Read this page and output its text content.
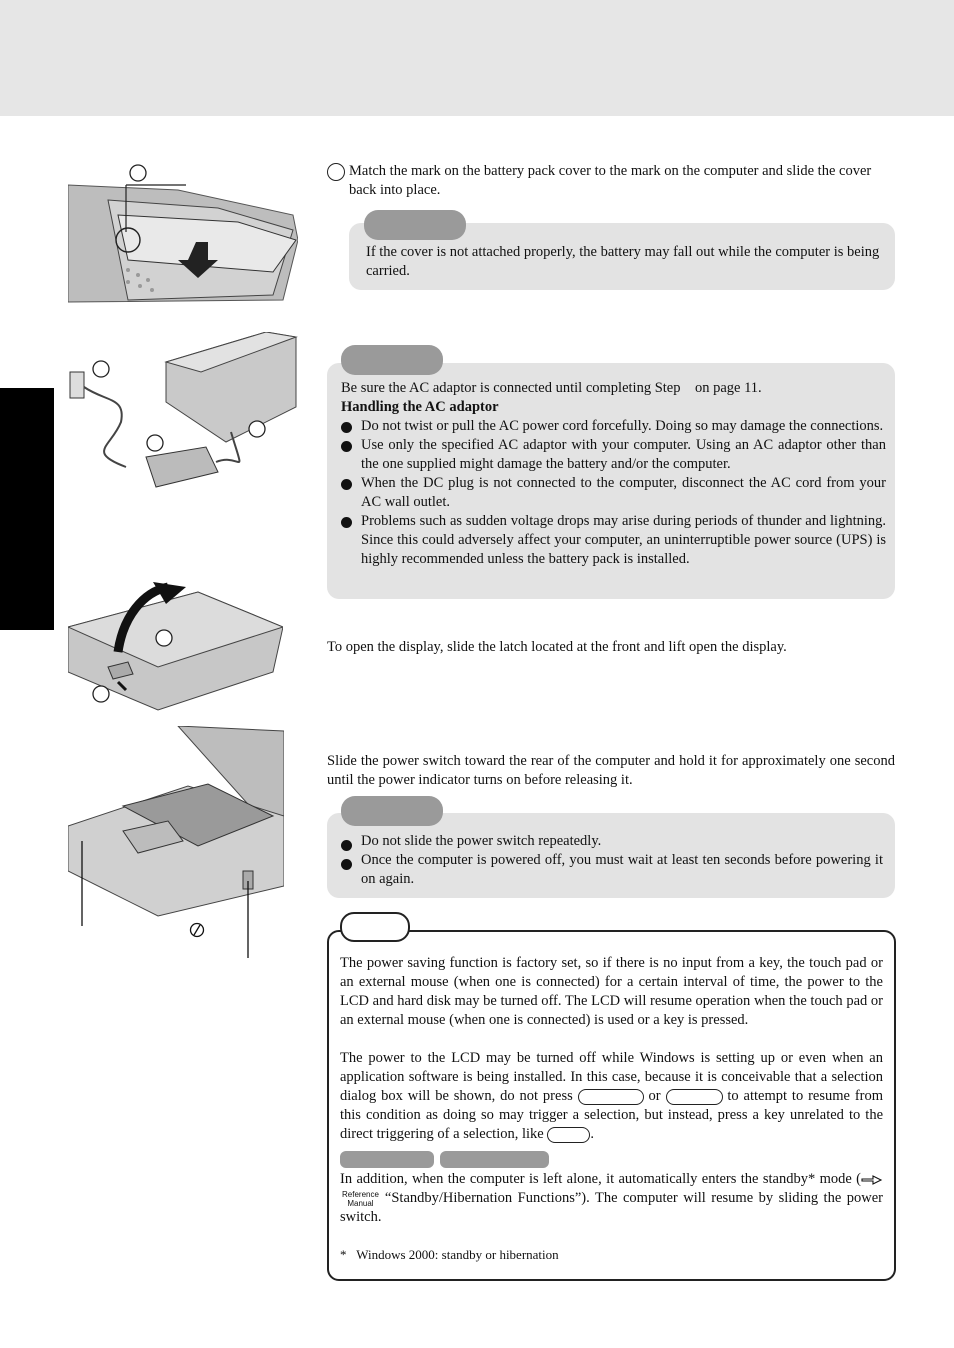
Match the mark on the battery pack cover to the mark on the computer and slide the cover back into place.
If the cover is not attached properly, the battery may fall out while the computer is being carried.
Be sure the AC adaptor is connected until completing Step    on page 11.
Handling the AC adaptor
Do not twist or pull the AC power cord forcefully. Doing so may damage the connections.
Use only the specified AC adaptor with your computer. Using an AC adaptor other than the one supplied might damage the battery and/or the computer.
When the DC plug is not connected to the computer, disconnect the AC cord from your AC wall outlet.
Problems such as sudden voltage drops may arise during periods of thunder and lightning. Since this could adversely affect your computer, an uninterruptible power source (UPS) is highly recommended unless the battery pack is installed.
To open the display, slide the latch located at the front and lift open the display.
Slide the power switch toward the rear of the computer and hold it for approximately one second until the power indicator turns on before releasing it.
Do not slide the power switch repeatedly.
Once the computer is powered off, you must wait at least ten seconds before powering it on again.
The power saving function is factory set, so if there is no input from a key, the touch pad or an external mouse (when one is connected) for a certain interval of time, the power to the LCD and hard disk may be turned off. The LCD will resume operation when the touch pad or an external mouse (when one is connected) is used or a key is pressed.
The power to the LCD may be turned off while Windows is setting up or even when an application software is being installed. In this case, because it is conceivable that a selection dialog box will be shown, do not press	or	to attempt to resume from this condition as doing so may trigger a selection, but instead, press a key unrelated to the direct triggering of a selection, like	.
In addition, when the computer is left alone, it automatically enters the standby* mode (
Reference
Manual “Standby/Hibernation Functions”). The computer will resume by sliding the power switch.
* Windows 2000: standby or hibernation
